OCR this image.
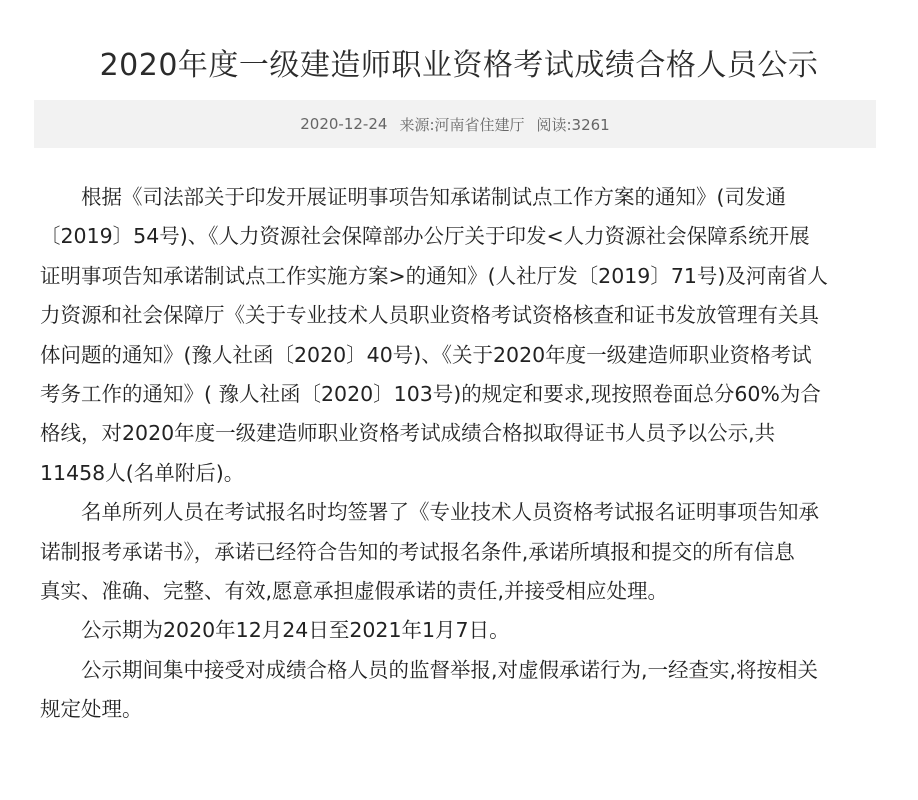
2020年度一级建造师职业资格考试成绩合格人员公示
2020-12-24 来源:河南省住建厅 阅读:3261
根据《司法部关于印发开展证明事项告知承诺制试点工作方案的通知》(司发通
〔2019〕54号)、《人力资源社会保障部办公厅关于印发<人力资源社会保障系统开展
证明事项告知承诺制试点工作实施方案>的通知》(人社厅发〔2019〕71号)及河南省人
力资源和社会保障厅《关于专业技术人员职业资格考试资格核查和证书发放管理有关具
体问题的通知》(豫人社函〔2020〕40号)、《关于2020年度一级建造师职业资格考试
考务工作的通知》( 豫人社函〔2020〕103号)的规定和要求,现按照卷面总分60%为合
格线，对2020年度一级建造师职业资格考试成绩合格拟取得证书人员予以公示,共
11458人(名单附后)。
名单所列人员在考试报名时均签署了《专业技术人员资格考试报名证明事项告知承
诺制报考承诺书》，承诺已经符合告知的考试报名条件,承诺所填报和提交的所有信息
真实、准确、完整、有效,愿意承担虚假承诺的责任,并接受相应处理。
公示期为2020年12月24日至2021年1月7日。
公示期间集中接受对成绩合格人员的监督举报,对虚假承诺行为,一经查实,将按相关
规定处理。
